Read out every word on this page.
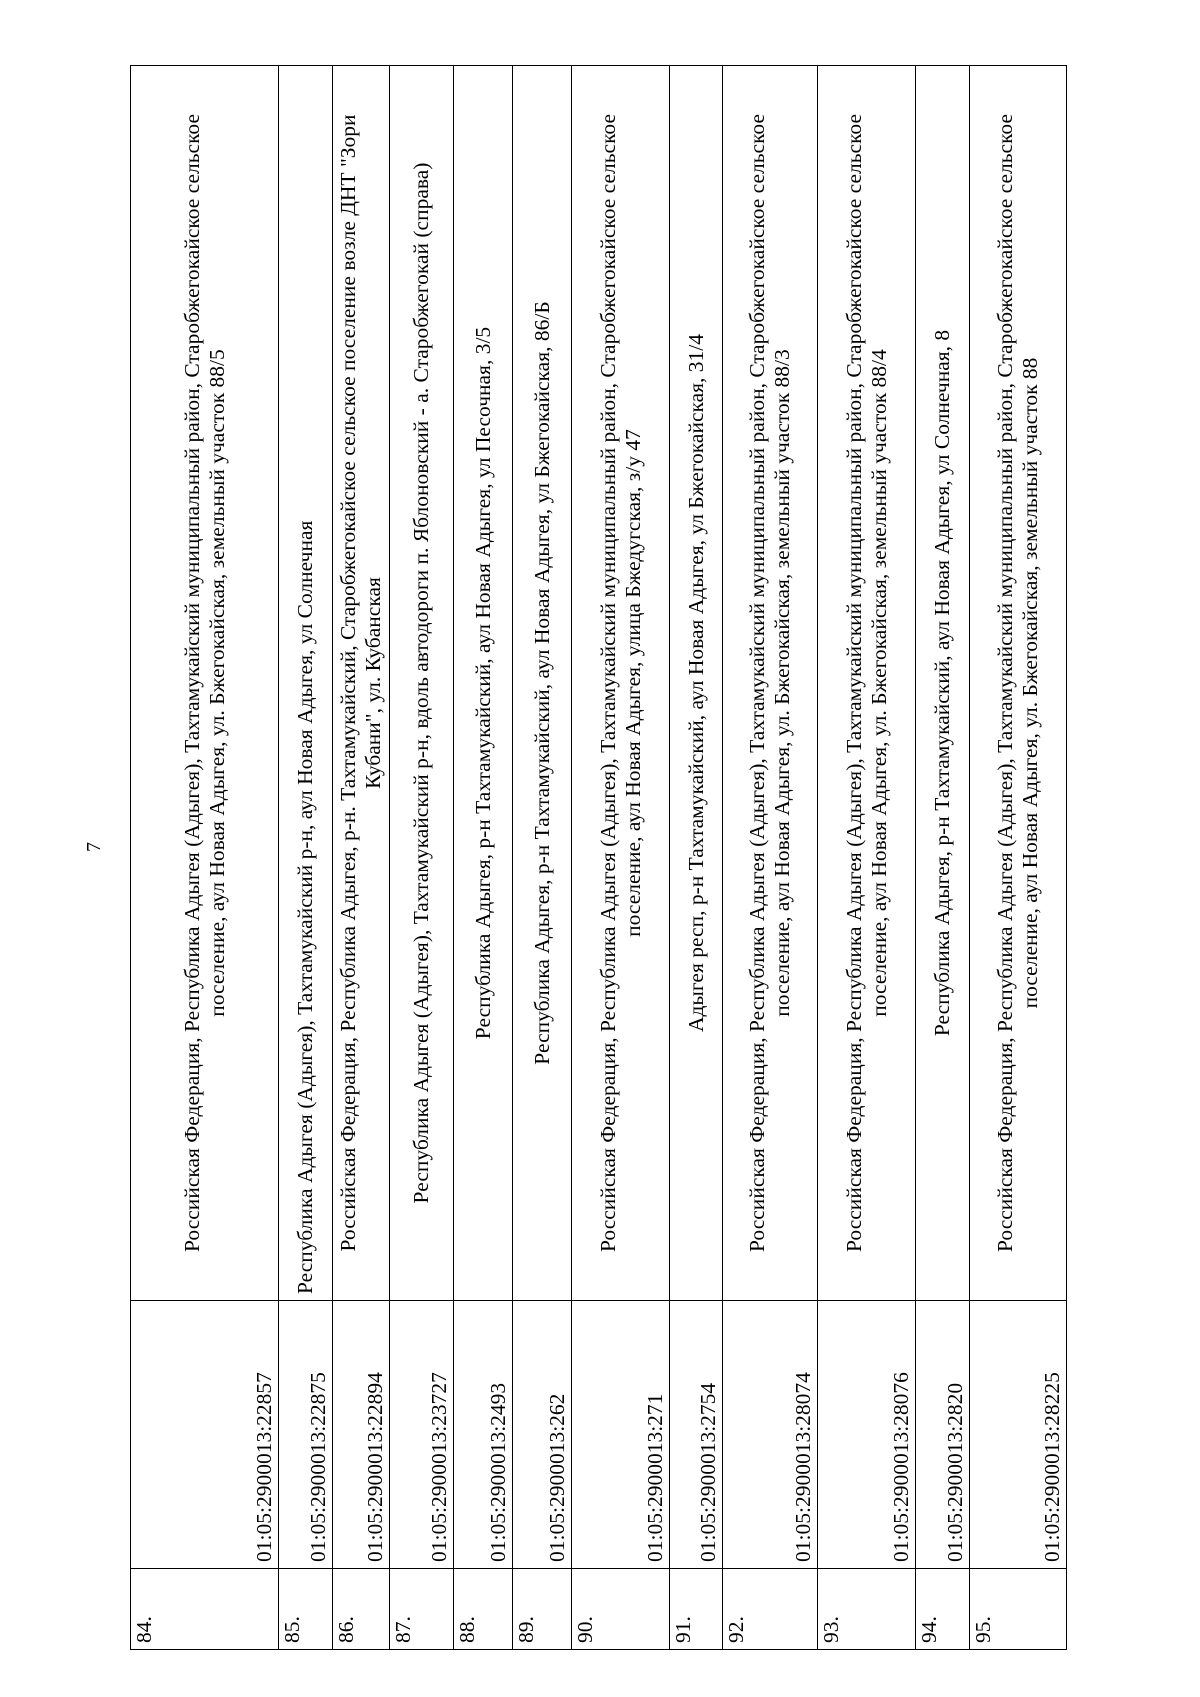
7
84.	01:05:2900013:22857	Российская Федерация, Республика Адыгея (Адыгея), Тахтамукайский муниципальный район, Старобжегокайское сельское поселение, аул Новая Адыгея, ул. Бжегокайская, земельный участок 88/5
85.	01:05:2900013:22875	Республика Адыгея (Адыгея), Тахтамукайский р-н, аул Новая Адыгея, ул Солнечная
86.	01:05:2900013:22894	Российская Федерация, Республика Адыгея, р-н. Тахтамукайский, Старобжегокайское сельское поселение возле ДНТ "Зори Кубани", ул. Кубанская
87.	01:05:2900013:23727	Республика Адыгея (Адыгея), Тахтамукайский р-н, вдоль автодороги п. Яблоновский - а. Старобжегокай (справа)
88.	01:05:2900013:2493	Республика Адыгея, р-н Тахтамукайский, аул Новая Адыгея, ул Песочная, 3/5
89.	01:05:2900013:262	Республика Адыгея, р-н Тахтамукайский, аул Новая Адыгея, ул Бжегокайская, 86/Б
90.	01:05:2900013:271	Российская Федерация, Республика Адыгея (Адыгея), Тахтамукайский муниципальный район, Старобжегокайское сельское поселение, аул Новая Адыгея, улица Бжедугская, з/у 47
91.	01:05:2900013:2754	Адыгея респ, р-н Тахтамукайский, аул Новая Адыгея, ул Бжегокайская, 31/4
92.	01:05:2900013:28074	Российская Федерация, Республика Адыгея (Адыгея), Тахтамукайский муниципальный район, Старобжегокайское сельское поселение, аул Новая Адыгея, ул. Бжегокайская, земельный участок 88/3
93.	01:05:2900013:28076	Российская Федерация, Республика Адыгея (Адыгея), Тахтамукайский муниципальный район, Старобжегокайское сельское поселение, аул Новая Адыгея, ул. Бжегокайская, земельный участок 88/4
94.	01:05:2900013:2820	Республика Адыгея, р-н Тахтамукайский, аул Новая Адыгея, ул Солнечная, 8
95.	01:05:2900013:28225	Российская Федерация, Республика Адыгея (Адыгея), Тахтамукайский муниципальный район, Старобжегокайское сельское поселение, аул Новая Адыгея, ул. Бжегокайская, земельный участок 88
